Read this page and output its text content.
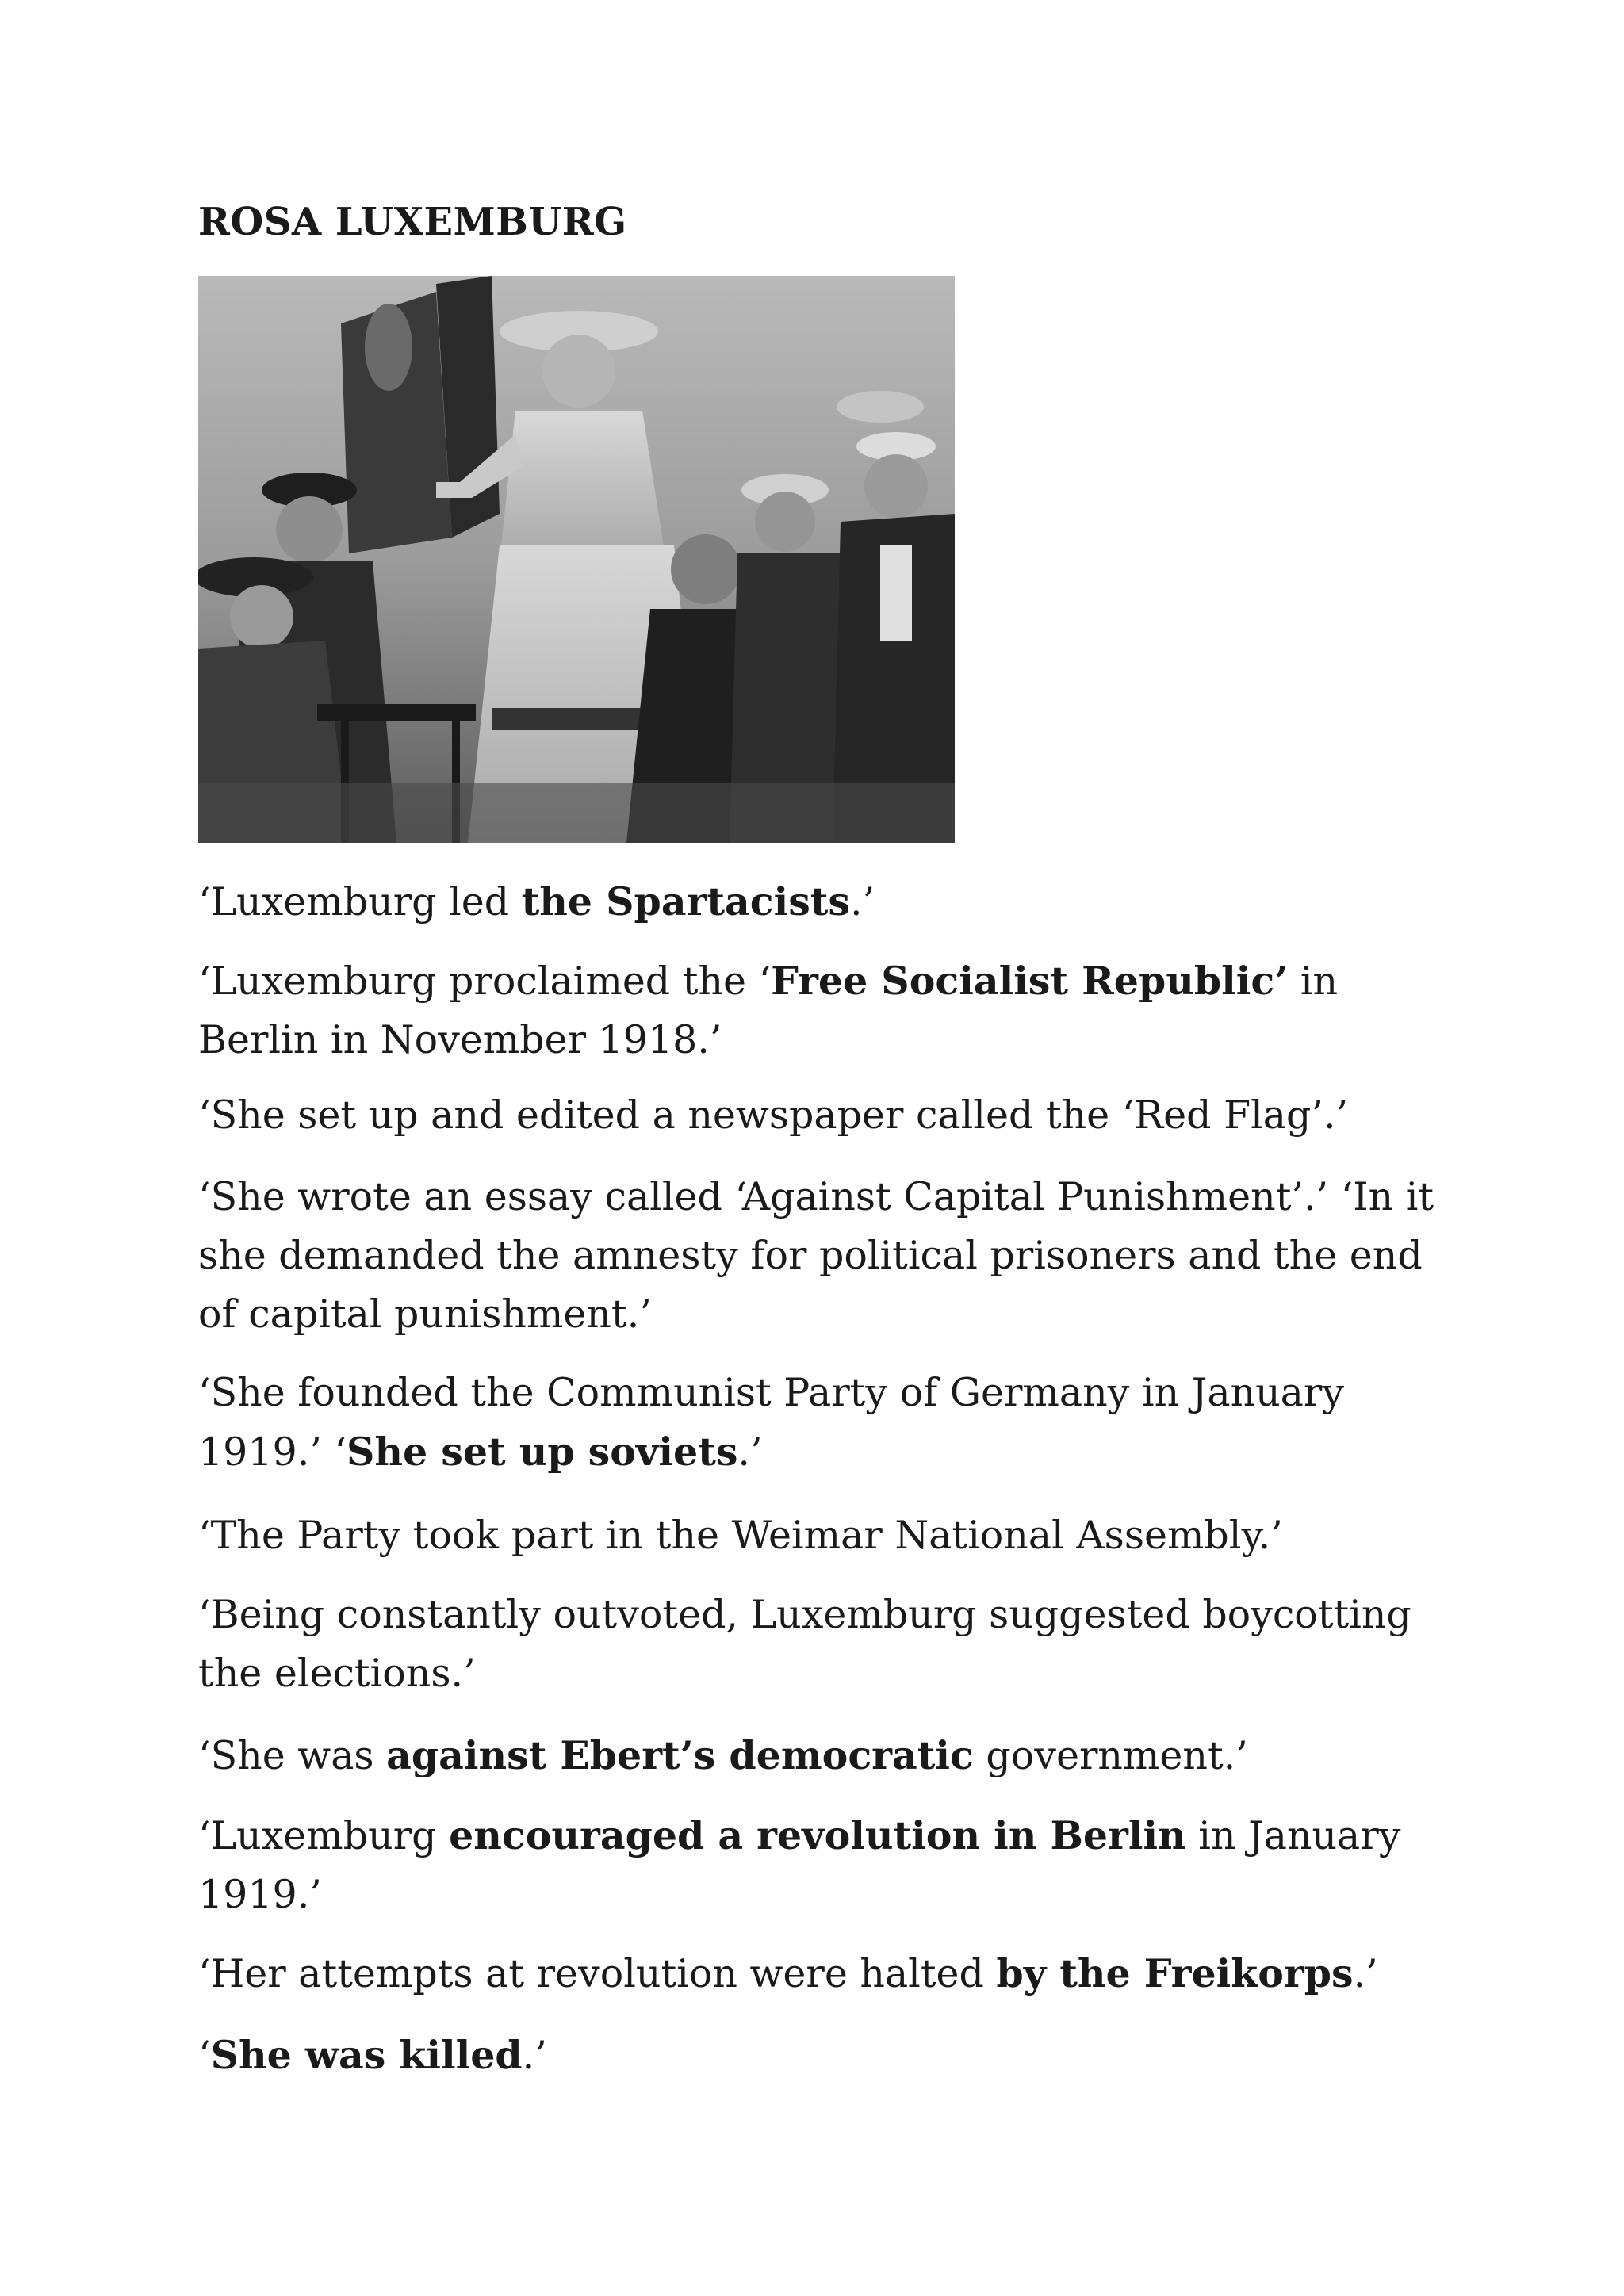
ROSA LUXEMBURG

‘Luxemburg led the Spartacists.’

‘Luxemburg proclaimed the ‘Free Socialist Republic’ in Berlin in November 1918.’

‘She set up and edited a newspaper called the ‘Red Flag’.’

‘She wrote an essay called ‘Against Capital Punishment’.’ ‘In it she demanded the amnesty for political prisoners and the end of capital punishment.’

‘She founded the Communist Party of Germany in January 1919.’ ‘She set up soviets.’

‘The Party took part in the Weimar National Assembly.’

‘Being constantly outvoted, Luxemburg suggested boycotting the elections.’

‘She was against Ebert’s democratic government.’

‘Luxemburg encouraged a revolution in Berlin in January 1919.’

‘Her attempts at revolution were halted by the Freikorps.’

‘She was killed.’
